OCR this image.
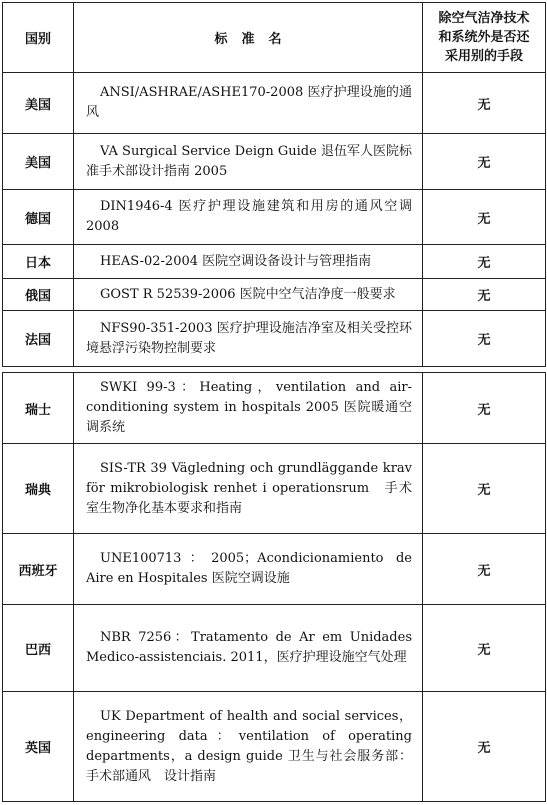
国别	标准名	除空气洁净技术
和系统外是否还
采用别的手段

美国	ANSI/ASHRAE/ASHE170-2008 医疗护理设施的通风	无
美国	VA Surgical Service Deign Guide 退伍军人医院标准手术部设计指南 2005	无
德国	DIN1946-4 医疗护理设施建筑和用房的通风空调 2008	无
日本	HEAS-02-2004 医院空调设备设计与管理指南	无
俄国	GOST R 52539-2006 医院中空气洁净度一般要求	无
法国	NFS90-351-2003 医疗护理设施洁净室及相关受控环境悬浮污染物控制要求	无
瑞士	SWKI 99-3：Heating，ventilation and air-conditioning system in hospitals 2005 医院暖通空调系统	无
瑞典	SIS-TR 39 Vägledning och grundläggande krav för mikrobiologisk renhet i operationsrum　手术室生物净化基本要求和指南	无
西班牙	UNE100713：2005；Acondicionamiento de Aire en Hospitales 医院空调设施	无
巴西	NBR 7256：Tratamento de Ar em Unidades Medico-assistenciais. 2011，医疗护理设施空气处理	无
英国	UK Department of health and social services，engineering data：ventilation of operating departments，a design guide 卫生与社会服务部：手术部通风　设计指南	无
